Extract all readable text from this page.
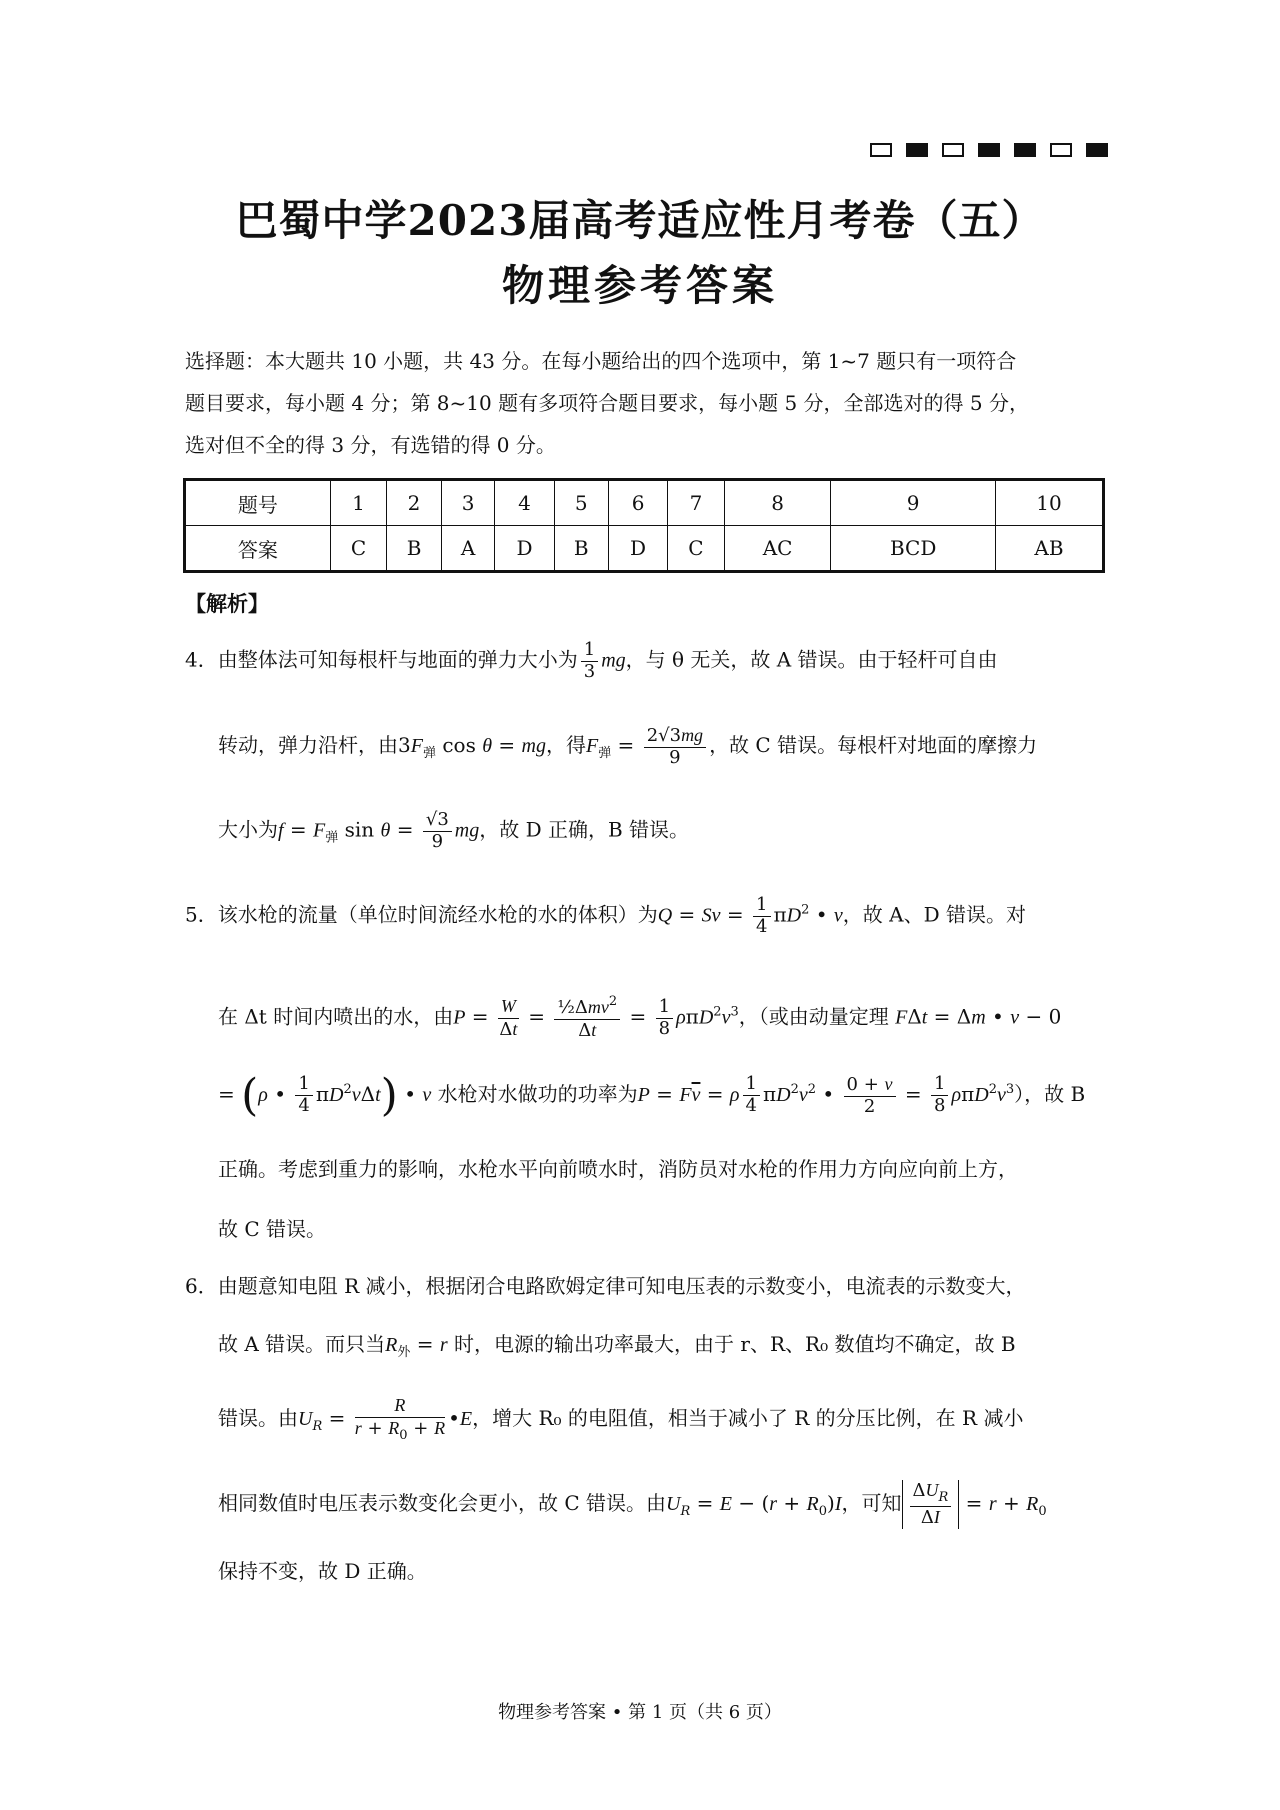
巴蜀中学2023届高考适应性月考卷（五）
物理参考答案
选择题：本大题共 10 小题，共 43 分。在每小题给出的四个选项中，第 1~7 题只有一项符合
题目要求，每小题 4 分；第 8~10 题有多项符合题目要求，每小题 5 分，全部选对的得 5 分，
选对但不全的得 3 分，有选错的得 0 分。
题号	1	2	3	4	5	6	7	8	9	10
答案	C	B	A	D	B	D	C	AC	BCD	AB
【解析】
4．由整体法可知每根杆与地面的弹力大小为 $\frac{1}{3}$ mg，与 θ 无关，故 A 错误。由于轻杆可自由
转动，弹力沿杆，由$3F_弹$ cos θ = mg，得$F_弹 = \frac{2√3mg}{9}$ ，故 C 错误。每根杆对地面的摩擦力
大小为$f = F_弹$ $\sin \theta = \frac{√3}{9}$ mg，故 D 正确，B 错误。
5．该水枪的流量（单位时间流经水枪的水的体积）为$Q = Sv = \frac{1}{4} \pi D^2$ • v，故 A、D 错误。对
在 Δt 时间内喷出的水，由$P = \frac{W}{\Delta t} = \frac{\frac{1}{2}\Delta mv^2}{\Delta t} = \frac{1}{8} \rho\pi D^2v^3$，（或由动量定理 FΔt = Δm • v − 0
= (ρ • $\frac{1}{4} \pi D^2v\Delta t$) • v 水枪对水做功的功率为$P = F\overline{v} = \rho \frac{1}{4} \pi D^2v^2$ • $\frac{0 + v}{2} = \frac{1}{8} \rho\pi D^2v^3$），故 B
正确。考虑到重力的影响，水枪水平向前喷水时，消防员对水枪的作用力方向应向前上方，
故 C 错误。
6．由题意知电阻 R 减小，根据闭合电路欧姆定律可知电压表的示数变小，电流表的示数变大，
故 A 错误。而只当$R_外 = r$ 时，电源的输出功率最大，由于 r、R、R₀ 数值均不确定，故 B
错误。由$U_R = \frac{R}{r + R_0 + R}$ •E，增大 R₀ 的电阻值，相当于减小了 R 的分压比例，在 R 减小
相同数值时电压表示数变化会更小，故 C 错误。由$U_R = E - (r + R_0)I$，可知 $\frac{\Delta U_R}{\Delta I} = r + R_0$
保持不变，故 D 正确。
物理参考答案 • 第 1 页（共 6 页）
